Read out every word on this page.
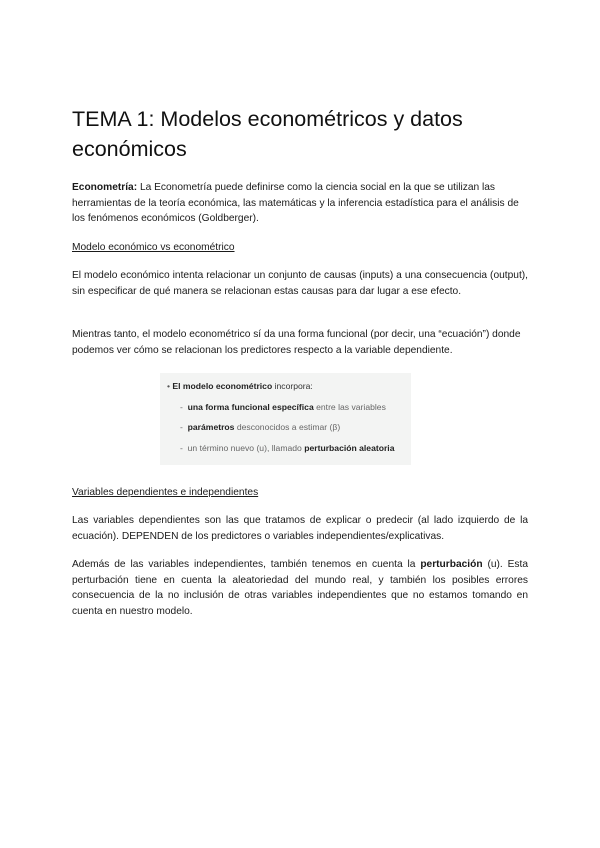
TEMA 1: Modelos econométricos y datos económicos

Econometría: La Econometría puede definirse como la ciencia social en la que se utilizan las herramientas de la teoría económica, las matemáticas y la inferencia estadística para el análisis de los fenómenos económicos (Goldberger).

Modelo económico vs econométrico

El modelo económico intenta relacionar un conjunto de causas (inputs) a una consecuencia (output), sin especificar de qué manera se relacionan estas causas para dar lugar a ese efecto.

Mientras tanto, el modelo econométrico sí da una forma funcional (por decir, una “ecuación”) donde podemos ver cómo se relacionan los predictores respecto a la variable dependiente.

• El modelo econométrico incorpora:
- una forma funcional específica entre las variables
- parámetros desconocidos a estimar (β)
- un término nuevo (u), llamado perturbación aleatoria

Variables dependientes e independientes

Las variables dependientes son las que tratamos de explicar o predecir (al lado izquierdo de la ecuación). DEPENDEN de los predictores o variables independientes/explicativas.

Además de las variables independientes, también tenemos en cuenta la perturbación (u). Esta perturbación tiene en cuenta la aleatoriedad del mundo real, y también los posibles errores consecuencia de la no inclusión de otras variables independientes que no estamos tomando en cuenta en nuestro modelo.
